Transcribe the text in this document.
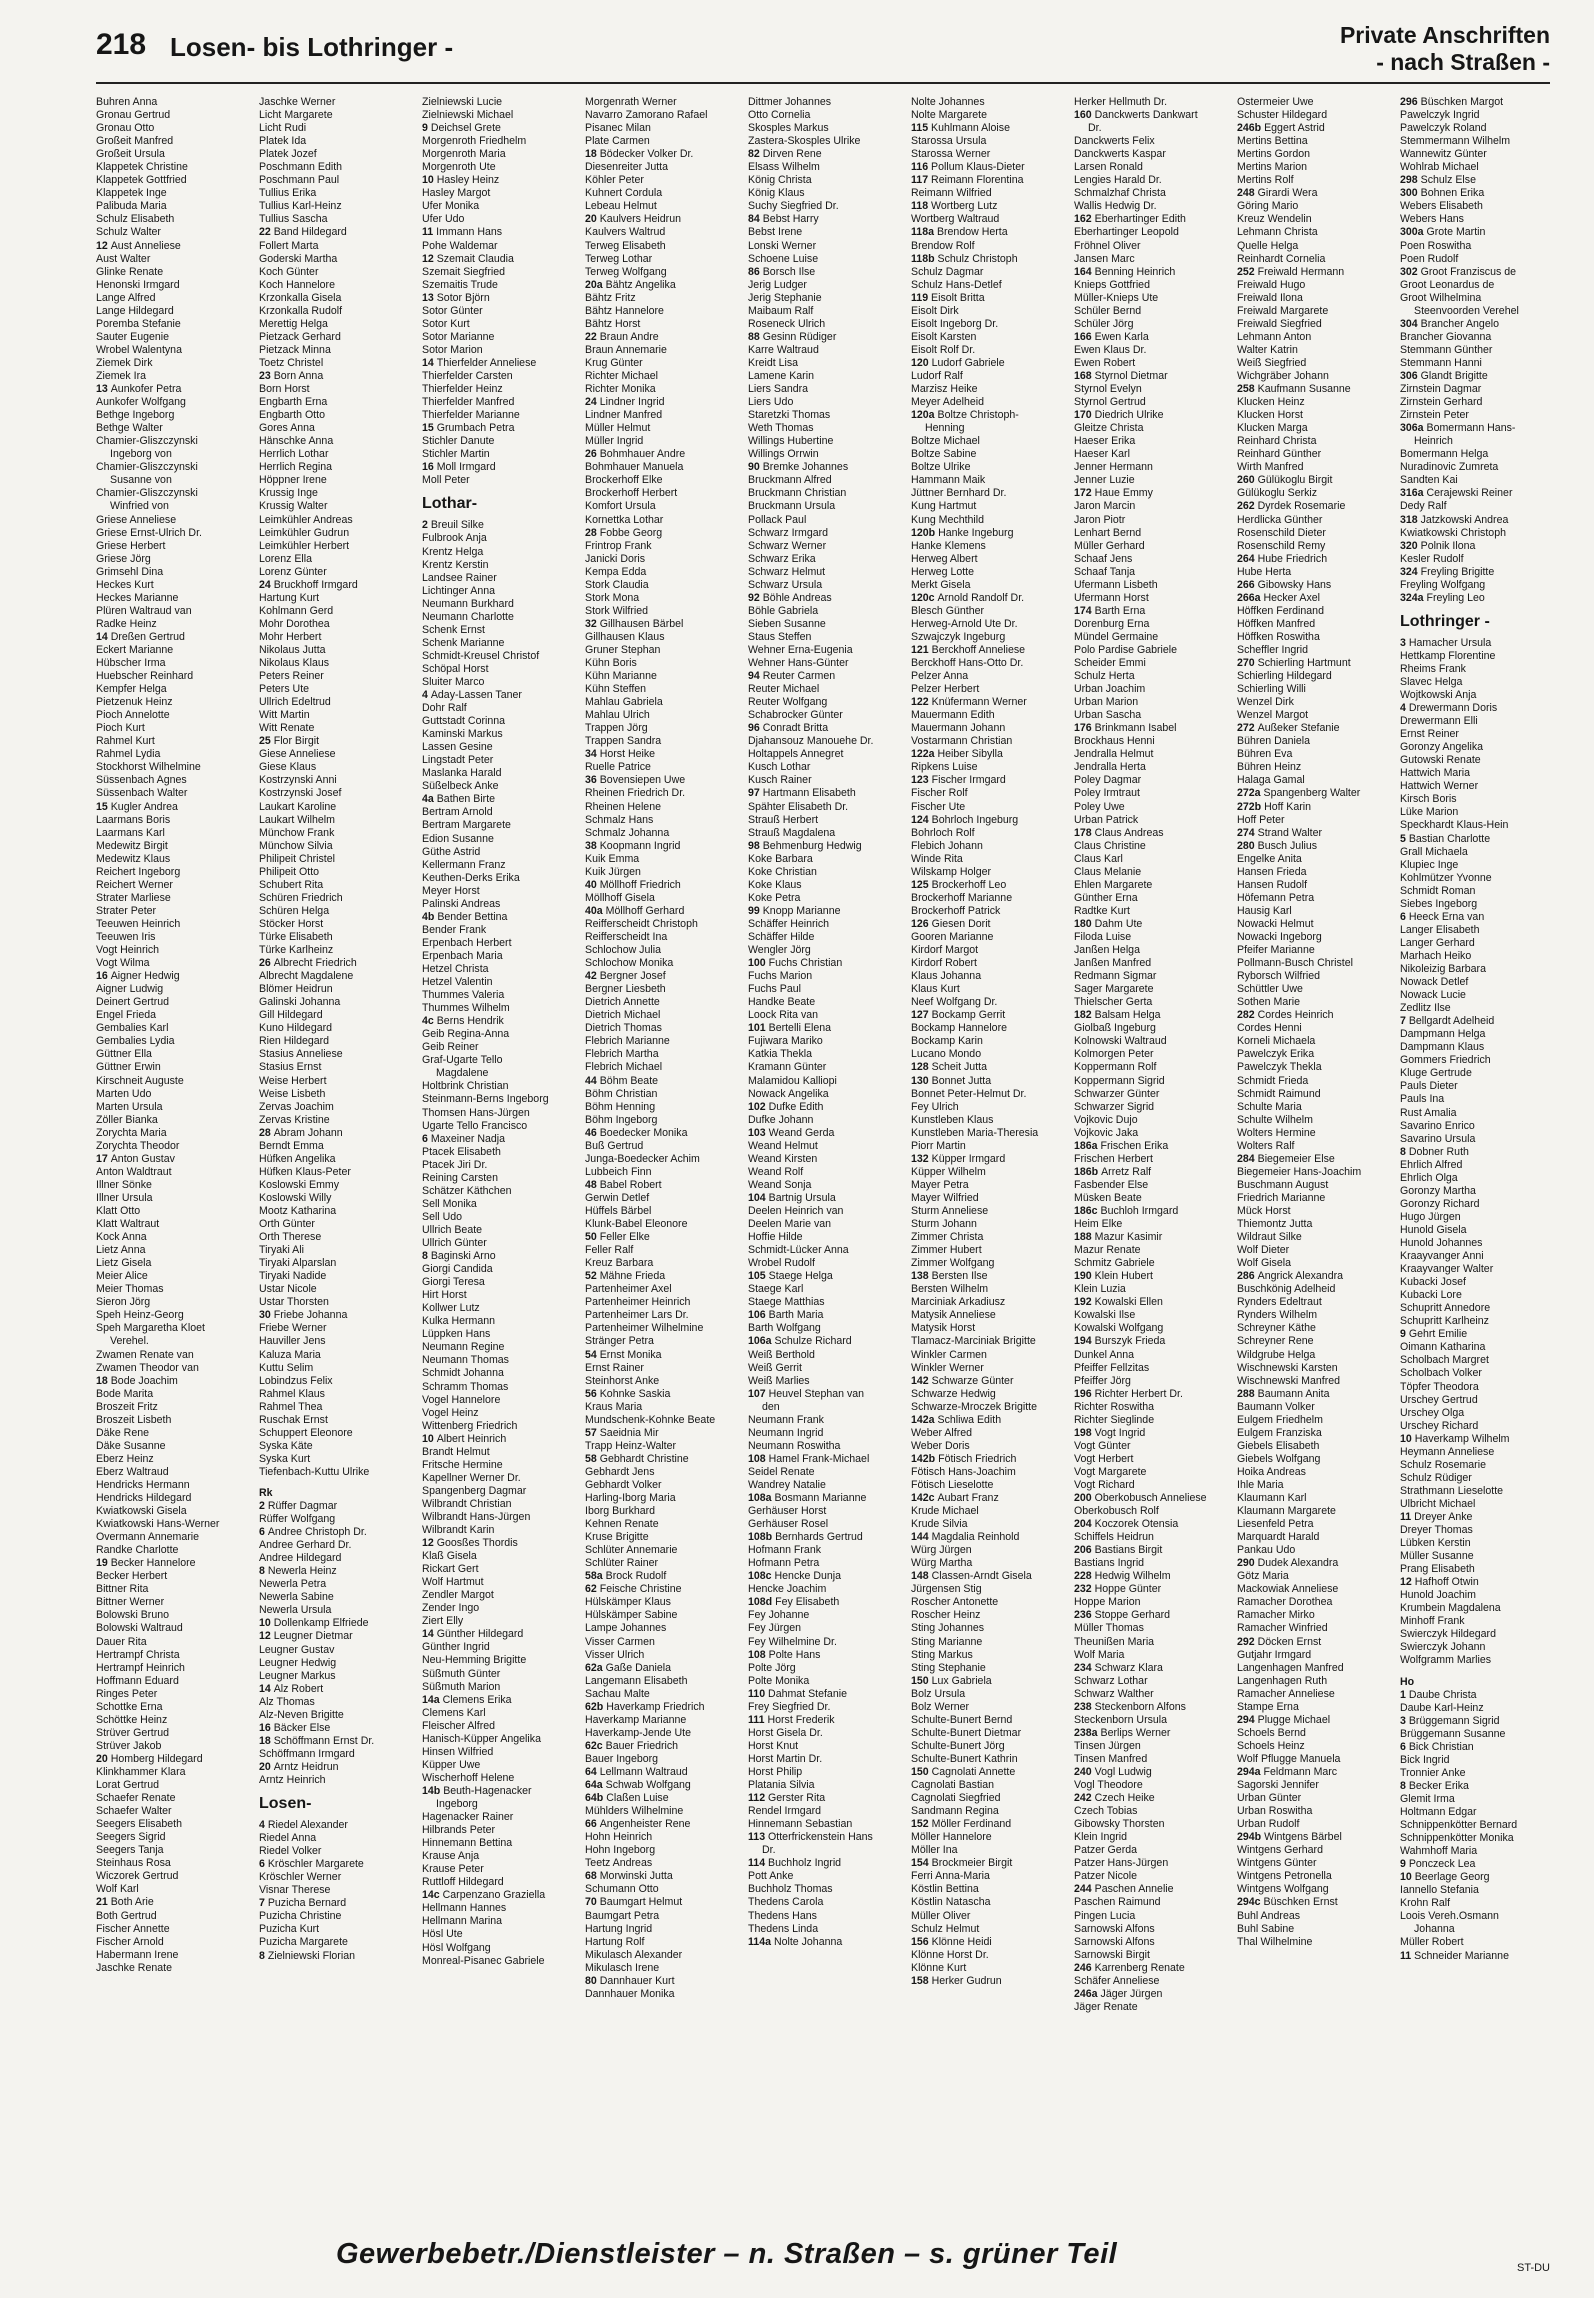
218 Losen- bis Lothringer -	Private Anschriften
- nach Straßen -
Buhren Anna
Gronau Gertrud
Gronau Otto
Großeit Manfred
Großeit Ursula
Klappetek Christine
Klappetek Gottfried
Klappetek Inge
Palibuda Maria
Schulz Elisabeth
Schulz Walter
12 Aust Anneliese
Aust Walter
Glinke Renate
Henonski Irmgard
Lange Alfred
Lange Hildegard
Poremba Stefanie
Sauter Eugenie
Wrobel Walentyna
Ziemek Dirk
Ziemek Ira
13 Aunkofer Petra
Aunkofer Wolfgang
Bethge Ingeborg
Bethge Walter
Chamier-Gliszczynski
Ingeborg von
Chamier-Gliszczynski
Susanne von
Chamier-Gliszczynski
Winfried von
Griese Anneliese
Griese Ernst-Ulrich Dr.
Griese Herbert
Griese Jörg
Grimsehl Dina
Heckes Kurt
Heckes Marianne
Plüren Waltraud van
Radke Heinz
14 Dreßen Gertrud
Eckert Marianne
Hübscher Irma
Huebscher Reinhard
Kempfer Helga
Pietzenuk Heinz
Pioch Annelotte
Pioch Kurt
Rahmel Kurt
Rahmel Lydia
Stockhorst Wilhelmine
Süssenbach Agnes
Süssenbach Walter
15 Kugler Andrea
Laarmans Boris
Laarmans Karl
Medewitz Birgit
Medewitz Klaus
Reichert Ingeborg
Reichert Werner
Strater Marliese
Strater Peter
Teeuwen Heinrich
Teeuwen Iris
Vogt Heinrich
Vogt Wilma
16 Aigner Hedwig
Aigner Ludwig
Deinert Gertrud
Engel Frieda
Gembalies Karl
Gembalies Lydia
Güttner Ella
Güttner Erwin
Kirschneit Auguste
Marten Udo
Marten Ursula
Zöller Bianka
Zorychta Maria
Zorychta Theodor
17 Anton Gustav
Anton Waldtraut
Illner Sönke
Illner Ursula
Klatt Otto
Klatt Waltraut
Kock Anna
Lietz Anna
Lietz Gisela
Meier Alice
Meier Thomas
Sieron Jörg
Speh Heinz-Georg
Speh Margaretha Kloet
Verehel.
Zwamen Renate van
Zwamen Theodor van
18 Bode Joachim
Bode Marita
Broszeit Fritz
Broszeit Lisbeth
Däke Rene
Däke Susanne
Eberz Heinz
Eberz Waltraud
Hendricks Hermann
Hendricks Hildegard
Kwiatkowski Gisela
Kwiatkowski Hans-Werner
Overmann Annemarie
Randke Charlotte
19 Becker Hannelore
Becker Herbert
Bittner Rita
Bittner Werner
Bolowski Bruno
Bolowski Waltraud
Dauer Rita
Hertrampf Christa
Hertrampf Heinrich
Hoffmann Eduard
Ringes Peter
Schottke Erna
Schöttke Heinz
Strüver Gertrud
Strüver Jakob
20 Homberg Hildegard
Klinkhammer Klara
Lorat Gertrud
Schaefer Renate
Schaefer Walter
Seegers Elisabeth
Seegers Sigrid
Seegers Tanja
Steinhaus Rosa
Wiczorek Gertrud
Wolf Karl
21 Both Arie
Both Gertrud
Fischer Annette
Fischer Arnold
Habermann Irene
Jaschke Renate
Jaschke Werner
Licht Margarete
Licht Rudi
Platek Ida
Platek Jozef
Poschmann Edith
Poschmann Paul
Tullius Erika
Tullius Karl-Heinz
Tullius Sascha
22 Band Hildegard
Follert Marta
Goderski Martha
Koch Günter
Koch Hannelore
Krzonkalla Gisela
Krzonkalla Rudolf
Merettig Helga
Pietzack Gerhard
Pietzack Minna
Toetz Christel
23 Born Anna
Born Horst
Engbarth Erna
Engbarth Otto
Gores Anna
Hänschke Anna
Herrlich Lothar
Herrlich Regina
Höppner Irene
Krussig Inge
Krussig Walter
Leimkühler Andreas
Leimkühler Gudrun
Leimkühler Herbert
Lorenz Ella
Lorenz Günter
24 Bruckhoff Irmgard
Hartung Kurt
Kohlmann Gerd
Mohr Dorothea
Mohr Herbert
Nikolaus Jutta
Nikolaus Klaus
Peters Reiner
Peters Ute
Ullrich Edeltrud
Witt Martin
Witt Renate
25 Flor Birgit
Giese Anneliese
Giese Klaus
Kostrzynski Anni
Kostrzynski Josef
Laukart Karoline
Laukart Wilhelm
Münchow Frank
Münchow Silvia
Philipeit Christel
Philipeit Otto
Schubert Rita
Schüren Friedrich
Schüren Helga
Stöcker Horst
Türke Elisabeth
Türke Karlheinz
26 Albrecht Friedrich
Albrecht Magdalene
Blömer Heidrun
Galinski Johanna
Gill Hildegard
Kuno Hildegard
Rien Hildegard
Stasius Anneliese
Stasius Ernst
Weise Herbert
Weise Lisbeth
Zervas Joachim
Zervas Kristine
28 Abram Johann
Berndt Emma
Hüfken Angelika
Hüfken Klaus-Peter
Koslowski Emmy
Koslowski Willy
Mootz Katharina
Orth Günter
Orth Therese
Tiryaki Ali
Tiryaki Alparslan
Tiryaki Nadide
Ustar Nicole
Ustar Thorsten
30 Friebe Johanna
Friebe Werner
Hauviller Jens
Kaluza Maria
Kuttu Selim
Lobindzus Felix
Rahmel Klaus
Rahmel Thea
Ruschak Ernst
Schuppert Eleonore
Syska Käte
Syska Kurt
Tiefenbach-Kuttu Ulrike
Rk
2 Rüffer Dagmar
Rüffer Wolfgang
6 Andree Christoph Dr.
Andree Gerhard Dr.
Andree Hildegard
8 Newerla Heinz
Newerla Petra
Newerla Sabine
Newerla Ursula
10 Dollenkamp Elfriede
12 Leugner Dietmar
Leugner Gustav
Leugner Hedwig
Leugner Markus
14 Alz Robert
Alz Thomas
Alz-Neven Brigitte
16 Bäcker Else
18 Schöffmann Ernst Dr.
Schöffmann Irmgard
20 Arntz Heidrun
Arntz Heinrich
Losen-
4 Riedel Alexander
Riedel Anna
Riedel Volker
6 Kröschler Margarete
Kröschler Werner
Visnar Therese
7 Puzicha Bernard
Puzicha Christine
Puzicha Kurt
Puzicha Margarete
8 Zielniewski Florian
Zielniewski Lucie
Zielniewski Michael
9 Deichsel Grete
Morgenroth Friedhelm
Morgenroth Maria
Morgenroth Ute
10 Hasley Heinz
Hasley Margot
Ufer Monika
Ufer Udo
11 Immann Hans
Pohe Waldemar
12 Szemait Claudia
Szemait Siegfried
Szemaitis Trude
13 Sotor Björn
Sotor Günter
Sotor Kurt
Sotor Marianne
Sotor Marion
14 Thierfelder Anneliese
Thierfelder Carsten
Thierfelder Heinz
Thierfelder Manfred
Thierfelder Marianne
15 Grumbach Petra
Stichler Danute
Stichler Martin
16 Moll Irmgard
Moll Peter
Lothar-
2 Breuil Silke
Fulbrook Anja
Krentz Helga
Krentz Kerstin
Landsee Rainer
Lichtinger Anna
Neumann Burkhard
Neumann Charlotte
Schenk Ernst
Schenk Marianne
Schmidt-Kreusel Christof
Schöpal Horst
Sluiter Marco
4 Aday-Lassen Taner
Dohr Ralf
Guttstadt Corinna
Kaminski Markus
Lassen Gesine
Lingstadt Peter
Maslanka Harald
Süßelbeck Anke
4a Bathen Birte
Bertram Arnold
Bertram Margarete
Edion Susanne
Güthe Astrid
Kellermann Franz
Keuthen-Derks Erika
Meyer Horst
Palinski Andreas
4b Bender Bettina
Bender Frank
Erpenbach Herbert
Erpenbach Maria
Hetzel Christa
Hetzel Valentin
Thummes Valeria
Thummes Wilhelm
4c Berns Hendrik
Geib Regina-Anna
Geib Reiner
Graf-Ugarte Tello
Magdalene
Holtbrink Christian
Steinmann-Berns Ingeborg
Thomsen Hans-Jürgen
Ugarte Tello Francisco
6 Maxeiner Nadja
Ptacek Elisabeth
Ptacek Jiri Dr.
Reining Carsten
Schätzer Käthchen
Sell Monika
Sell Udo
Ullrich Beate
Ullrich Günter
8 Baginski Arno
Giorgi Candida
Giorgi Teresa
Hirt Horst
Kollwer Lutz
Kulka Hermann
Lüppken Hans
Neumann Regine
Neumann Thomas
Schmidt Johanna
Schramm Thomas
Vogel Hannelore
Vogel Heinz
Wittenberg Friedrich
10 Albert Heinrich
Brandt Helmut
Fritsche Hermine
Kapellner Werner Dr.
Spangenberg Dagmar
Wilbrandt Christian
Wilbrandt Hans-Jürgen
Wilbrandt Karin
12 Goosßes Thordis
Klaß Gisela
Rickart Gert
Wolf Hartmut
Zendler Margot
Zender Ingo
Ziert Elly
14 Günther Hildegard
Günther Ingrid
Neu-Hemming Brigitte
Süßmuth Günter
Süßmuth Marion
14a Clemens Erika
Clemens Karl
Fleischer Alfred
Hanisch-Küpper Angelika
Hinsen Wilfried
Küpper Uwe
Wischerhoff Helene
14b Beuth-Hagenacker
Ingeborg
Hagenacker Rainer
Hilbrands Peter
Hinnemann Bettina
Krause Anja
Krause Peter
Ruttloff Hildegard
14c Carpenzano Graziella
Hellmann Hannes
Hellmann Marina
Hösl Ute
Hösl Wolfgang
Monreal-Pisanec Gabriele
Morgenrath Werner
Navarro Zamorano Rafael
Pisanec Milan
Plate Carmen
18 Bödecker Volker Dr.
Diesenreiter Jutta
Köhler Peter
Kuhnert Cordula
Lebeau Helmut
20 Kaulvers Heidrun
Kaulvers Waltrud
Terweg Elisabeth
Terweg Lothar
Terweg Wolfgang
20a Bähtz Angelika
Bähtz Fritz
Bähtz Hannelore
Bähtz Horst
22 Braun Andre
Braun Annemarie
Krug Günter
Richter Michael
Richter Monika
24 Lindner Ingrid
Lindner Manfred
Müller Helmut
Müller Ingrid
26 Bohmhauer Andre
Bohmhauer Manuela
Brockerhoff Elke
Brockerhoff Herbert
Komfort Ursula
Kornettka Lothar
28 Fobbe Georg
Frintrop Frank
Janicki Doris
Kempa Edda
Stork Claudia
Stork Mona
Stork Wilfried
32 Gillhausen Bärbel
Gillhausen Klaus
Gruner Stephan
Kühn Boris
Kühn Marianne
Kühn Steffen
Mahlau Gabriela
Mahlau Ulrich
Trappen Jörg
Trappen Sandra
34 Horst Heike
Ruelle Patrice
36 Bovensiepen Uwe
Rheinen Friedrich Dr.
Rheinen Helene
Schmalz Hans
Schmalz Johanna
38 Koopmann Ingrid
Kuik Emma
Kuik Jürgen
40 Möllhoff Friedrich
Möllhoff Gisela
40a Möllhoff Gerhard
Reifferscheidt Christoph
Reifferscheidt Ina
Schlochow Julia
Schlochow Monika
42 Bergner Josef
Bergner Liesbeth
Dietrich Annette
Dietrich Michael
Dietrich Thomas
Flebrich Marianne
Flebrich Martha
Flebrich Michael
44 Böhm Beate
Böhm Christian
Böhm Henning
Böhm Ingeborg
46 Boedecker Monika
Buß Gertrud
Junga-Boedecker Achim
Lubbeich Finn
48 Babel Robert
Gerwin Detlef
Hüffels Bärbel
Klunk-Babel Eleonore
50 Feller Elke
Feller Ralf
Kreuz Barbara
52 Mähne Frieda
Partenheimer Axel
Partenheimer Heinrich
Partenheimer Lars Dr.
Partenheimer Wilhelmine
Stränger Petra
54 Ernst Monika
Ernst Rainer
Steinhorst Anke
56 Kohnke Saskia
Kraus Maria
Mundschenk-Kohnke Beate
57 Saeidnia Mir
Trapp Heinz-Walter
58 Gebhardt Christine
Gebhardt Jens
Gebhardt Volker
Harling-Iborg Maria
Iborg Burkhard
Kehnen Renate
Kruse Brigitte
Schlüter Annemarie
Schlüter Rainer
58a Brock Rudolf
62 Feische Christine
Hülskämper Klaus
Hülskämper Sabine
Lampe Johannes
Visser Carmen
Visser Ulrich
62a Gaße Daniela
Langemann Elisabeth
Sachau Malte
62b Haverkamp Friedrich
Haverkamp Marianne
Haverkamp-Jende Ute
62c Bauer Friedrich
Bauer Ingeborg
64 Lellmann Waltraud
64a Schwab Wolfgang
64b Claßen Luise
Mühlders Wilhelmine
66 Angenheister Rene
Hohn Heinrich
Hohn Ingeborg
Teetz Andreas
68 Morwinski Jutta
Schumann Otto
70 Baumgart Helmut
Baumgart Petra
Hartung Ingrid
Hartung Rolf
Mikulasch Alexander
Mikulasch Irene
80 Dannhauer Kurt
Dannhauer Monika
Dittmer Johannes
Otto Cornelia
Skosples Markus
Zastera-Skosples Ulrike
82 Dirven Rene
Elsass Wilhelm
König Christa
König Klaus
Suchy Siegfried Dr.
84 Bebst Harry
Bebst Irene
Lonski Werner
Schoene Luise
86 Borsch Ilse
Jerig Ludger
Jerig Stephanie
Maibaum Ralf
Roseneck Ulrich
88 Gesinn Rüdiger
Karre Waltraud
Kreidt Lisa
Lamene Karin
Liers Sandra
Liers Udo
Staretzki Thomas
Weth Thomas
Willings Hubertine
Willings Orrwin
90 Bremke Johannes
Bruckmann Alfred
Bruckmann Christian
Bruckmann Ursula
Pollack Paul
Schwarz Irmgard
Schwarz Werner
Schwarz Erika
Schwarz Helmut
Schwarz Ursula
92 Böhle Andreas
Böhle Gabriela
Sieben Susanne
Staus Steffen
Wehner Erna-Eugenia
Wehner Hans-Günter
94 Reuter Carmen
Reuter Michael
Reuter Wolfgang
Schabrocker Günter
96 Conradt Britta
Djahansouz Manouehe Dr.
Holtappels Annegret
Kusch Lothar
Kusch Rainer
97 Hartmann Elisabeth
Spähter Elisabeth Dr.
Strauß Herbert
Strauß Magdalena
98 Behmenburg Hedwig
Koke Barbara
Koke Christian
Koke Klaus
Koke Petra
99 Knopp Marianne
Schäffer Heinrich
Schäffer Hilde
Wengler Jörg
100 Fuchs Christian
Fuchs Marion
Fuchs Paul
Handke Beate
Loock Rita van
101 Bertelli Elena
Fujiwara Mariko
Katkia Thekla
Kramann Günter
Malamidou Kalliopi
Nowack Angelika
102 Dufke Edith
Dufke Johann
103 Weand Gerda
Weand Helmut
Weand Kirsten
Weand Rolf
Weand Sonja
104 Bartnig Ursula
Deelen Heinrich van
Deelen Marie van
Hoffie Hilde
Schmidt-Lücker Anna
Wrobel Rudolf
105 Staege Helga
Staege Karl
Staege Matthias
106 Barth Maria
Barth Wolfgang
106a Schulze Richard
Weiß Berthold
Weiß Gerrit
Weiß Marlies
107 Heuvel Stephan van
den
Neumann Frank
Neumann Ingrid
Neumann Roswitha
108 Hamel Frank-Michael
Seidel Renate
Wandrey Natalie
108a Bosmann Marianne
Gerhäuser Horst
Gerhäuser Rosel
108b Bernhards Gertrud
Hofmann Frank
Hofmann Petra
108c Hencke Dunja
Hencke Joachim
108d Fey Elisabeth
Fey Johanne
Fey Jürgen
Fey Wilhelmine Dr.
108 Polte Hans
Polte Jörg
Polte Monika
110 Dahmat Stefanie
Frey Siegfried Dr.
111 Horst Frederik
Horst Gisela Dr.
Horst Knut
Horst Martin Dr.
Horst Philip
Platania Silvia
112 Gerster Rita
Rendel Irmgard
Hinnemann Sebastian
113 Otterfrickenstein Hans
Dr.
114 Buchholz Ingrid
Pott Anke
Buchholz Thomas
Thedens Carola
Thedens Hans
Thedens Linda
114a Nolte Johanna
Nolte Johannes
Nolte Margarete
115 Kuhlmann Aloise
Starossa Ursula
Starossa Werner
116 Pollum Klaus-Dieter
117 Reimann Florentina
Reimann Wilfried
118 Wortberg Lutz
Wortberg Waltraud
118a Brendow Herta
Brendow Rolf
118b Schulz Christoph
Schulz Dagmar
Schulz Hans-Detlef
119 Eisolt Britta
Eisolt Dirk
Eisolt Ingeborg Dr.
Eisolt Karsten
Eisolt Rolf Dr.
120 Ludorf Gabriele
Ludorf Ralf
Marzisz Heike
Meyer Adelheid
120a Boltze Christoph-
Henning
Boltze Michael
Boltze Sabine
Boltze Ulrike
Hammann Maik
Jüttner Bernhard Dr.
Kung Hartmut
Kung Mechthild
120b Hanke Ingeburg
Hanke Klemens
Herweg Albert
Herweg Lotte
Merkt Gisela
120c Arnold Randolf Dr.
Blesch Günther
Herweg-Arnold Ute Dr.
Szwajczyk Ingeburg
121 Berckhoff Anneliese
Berckhoff Hans-Otto Dr.
Pelzer Anna
Pelzer Herbert
122 Knüfermann Werner
Mauermann Edith
Mauermann Johann
Vostarmann Christian
122a Heiber Sibylla
Ripkens Luise
123 Fischer Irmgard
Fischer Rolf
Fischer Ute
124 Bohrloch Ingeburg
Bohrloch Rolf
Flebich Johann
Winde Rita
Wilskamp Holger
125 Brockerhoff Leo
Brockerhoff Marianne
Brockerhoff Patrick
126 Giesen Dorit
Gooren Marianne
Kirdorf Margot
Kirdorf Robert
Klaus Johanna
Klaus Kurt
Neef Wolfgang Dr.
127 Bockamp Gerrit
Bockamp Hannelore
Bockamp Karin
Lucano Mondo
128 Scheit Jutta
130 Bonnet Jutta
Bonnet Peter-Helmut Dr.
Fey Ulrich
Kunstleben Klaus
Kunstleben Maria-Theresia
Piorr Martin
132 Küpper Irmgard
Küpper Wilhelm
Mayer Petra
Mayer Wilfried
Sturm Anneliese
Sturm Johann
Zimmer Christa
Zimmer Hubert
Zimmer Wolfgang
138 Bersten Ilse
Bersten Wilhelm
Marciniak Arkadiusz
Matysik Anneliese
Matysik Horst
Tlamacz-Marciniak Brigitte
Winkler Carmen
Winkler Werner
142 Schwarze Günter
Schwarze Hedwig
Schwarze-Mroczek Brigitte
142a Schliwa Edith
Weber Alfred
Weber Doris
142b Fötisch Friedrich
Fötisch Hans-Joachim
Fötisch Lieselotte
142c Aubart Franz
Krude Michael
Krude Silvia
144 Magdalia Reinhold
Würg Jürgen
Würg Martha
148 Classen-Arndt Gisela
Jürgensen Stig
Roscher Antonette
Roscher Heinz
Sting Johannes
Sting Marianne
Sting Markus
Sting Stephanie
150 Lux Gabriela
Bolz Ursula
Bolz Werner
Schulte-Bunert Bernd
Schulte-Bunert Dietmar
Schulte-Bunert Jörg
Schulte-Bunert Kathrin
150 Cagnolati Annette
Cagnolati Bastian
Cagnolati Siegfried
Sandmann Regina
152 Möller Ferdinand
Möller Hannelore
Möller Ina
154 Brockmeier Birgit
Ferri Anna-Maria
Köstlin Bettina
Köstlin Natascha
Müller Oliver
Schulz Helmut
156 Klönne Heidi
Klönne Horst Dr.
Klönne Kurt
158 Herker Gudrun
Herker Hellmuth Dr.
160 Danckwerts Dankwart
Dr.
Danckwerts Felix
Danckwerts Kaspar
Larsen Ronald
Lengies Harald Dr.
Schmalzhaf Christa
Wallis Hedwig Dr.
162 Eberhartinger Edith
Eberhartinger Leopold
Fröhnel Oliver
Jansen Marc
164 Benning Heinrich
Knieps Gottfried
Müller-Knieps Ute
Schüler Bernd
Schüler Jörg
166 Ewen Karla
Ewen Klaus Dr.
Ewen Robert
168 Styrnol Dietmar
Styrnol Evelyn
Styrnol Gertrud
170 Diedrich Ulrike
Gleitze Christa
Haeser Erika
Haeser Karl
Jenner Hermann
Jenner Luzie
172 Haue Emmy
Jaron Marcin
Jaron Piotr
Lenhart Bernd
Müller Gerhard
Schaaf Jens
Schaaf Tanja
Ufermann Lisbeth
Ufermann Horst
174 Barth Erna
Dorenburg Erna
Mündel Germaine
Polo Pardise Gabriele
Scheider Emmi
Schulz Herta
Urban Joachim
Urban Marion
Urban Sascha
176 Brinkmann Isabel
Brockhaus Henni
Jendralla Helmut
Jendralla Herta
Poley Dagmar
Poley Irmtraut
Poley Uwe
Urban Patrick
178 Claus Andreas
Claus Christine
Claus Karl
Claus Melanie
Ehlen Margarete
Günther Erna
Radtke Kurt
180 Dahm Ute
Filoda Luise
Janßen Helga
Janßen Manfred
Redmann Sigmar
Sager Margarete
Thielscher Gerta
182 Balsam Helga
Giolbaß Ingeburg
Kolnowski Waltraud
Kolmorgen Peter
Koppermann Rolf
Koppermann Sigrid
Schwarzer Günter
Schwarzer Sigrid
Vojkovic Dujo
Vojkovic Jaka
186a Frischen Erika
Frischen Herbert
186b Arretz Ralf
Fasbender Else
Müsken Beate
186c Buchloh Irmgard
Heim Elke
188 Mazur Kasimir
Mazur Renate
Schmitz Gabriele
190 Klein Hubert
Klein Luzia
192 Kowalski Ellen
Kowalski Ilse
Kowalski Wolfgang
194 Burszyk Frieda
Dunkel Anna
Pfeiffer Fellzitas
Pfeiffer Jörg
196 Richter Herbert Dr.
Richter Roswitha
Richter Sieglinde
198 Vogt Ingrid
Vogt Günter
Vogt Herbert
Vogt Margarete
Vogt Richard
200 Oberkobusch Anneliese
Oberkobusch Rolf
204 Koczorek Otensia
Schiffels Heidrun
206 Bastians Birgit
Bastians Ingrid
228 Hedwig Wilhelm
232 Hoppe Günter
Hoppe Marion
236 Stoppe Gerhard
Müller Thomas
Theunißen Maria
Wolf Maria
234 Schwarz Klara
Schwarz Lothar
Schwarz Walther
238 Steckenborn Alfons
Steckenborn Ursula
238a Berlips Werner
Tinsen Jürgen
Tinsen Manfred
240 Vogl Ludwig
Vogl Theodore
242 Czech Heike
Czech Tobias
Gibowsky Thorsten
Klein Ingrid
Patzer Gerda
Patzer Hans-Jürgen
Patzer Nicole
244 Paschen Annelie
Paschen Raimund
Pingen Lucia
Sarnowski Alfons
Sarnowski Alfons
Sarnowski Birgit
246 Karrenberg Renate
Schäfer Anneliese
246a Jäger Jürgen
Jäger Renate
Ostermeier Uwe
Schuster Hildegard
246b Eggert Astrid
Mertins Bettina
Mertins Gordon
Mertins Marion
Mertins Rolf
248 Girardi Wera
Göring Mario
Kreuz Wendelin
Lehmann Christa
Quelle Helga
Reinhardt Cornelia
252 Freiwald Hermann
Freiwald Hugo
Freiwald Ilona
Freiwald Margarete
Freiwald Siegfried
Lehmann Anton
Walter Katrin
Weiß Siegfried
Wichgräber Johann
258 Kaufmann Susanne
Klucken Heinz
Klucken Horst
Klucken Marga
Reinhard Christa
Reinhard Günther
Wirth Manfred
260 Gülükoglu Birgit
Gülükoglu Serkiz
262 Dyrdek Rosemarie
Herdlicka Günther
Rosenschild Dieter
Rosenschild Remy
264 Hube Friedrich
Hube Herta
266 Gibowsky Hans
266a Hecker Axel
Höffken Ferdinand
Höffken Manfred
Höffken Roswitha
Scheffler Ingrid
270 Schierling Hartmunt
Schierling Hildegard
Schierling Willi
Wenzel Dirk
Wenzel Margot
272 Außeker Stefanie
Bühren Daniela
Bühren Eva
Bühren Heinz
Halaga Gamal
272a Spangenberg Walter
272b Hoff Karin
Hoff Peter
274 Strand Walter
280 Busch Julius
Engelke Anita
Hansen Frieda
Hansen Rudolf
Höfemann Petra
Hausig Karl
Nowacki Helmut
Nowacki Ingeborg
Pfeifer Marianne
Pollmann-Busch Christel
Ryborsch Wilfried
Schüttler Uwe
Sothen Marie
282 Cordes Heinrich
Cordes Henni
Korneli Michaela
Pawelczyk Erika
Pawelczyk Thekla
Schmidt Frieda
Schmidt Raimund
Schulte Maria
Schulte Wilhelm
Wolters Hermine
Wolters Ralf
284 Biegemeier Else
Biegemeier Hans-Joachim
Buschmann August
Friedrich Marianne
Mück Horst
Thiemontz Jutta
Wildraut Silke
Wolf Dieter
Wolf Gisela
286 Angrick Alexandra
Buschkönig Adelheid
Rynders Edeltraut
Rynders Wilhelm
Schreyner Käthe
Schreyner Rene
Wildgrube Helga
Wischnewski Karsten
Wischnewski Manfred
288 Baumann Anita
Baumann Volker
Eulgem Friedhelm
Eulgem Franziska
Giebels Elisabeth
Giebels Wolfgang
Hoika Andreas
Ihle Maria
Klaumann Karl
Klaumann Margarete
Liesenfeld Petra
Marquardt Harald
Pankau Udo
290 Dudek Alexandra
Götz Maria
Mackowiak Anneliese
Ramacher Dorothea
Ramacher Mirko
Ramacher Winfried
292 Döcken Ernst
Gutjahr Irmgard
Langenhagen Manfred
Langenhagen Ruth
Ramacher Anneliese
Stampe Erna
294 Plugge Michael
Schoels Bernd
Schoels Heinz
Wolf Pflugge Manuela
294a Feldmann Marc
Sagorski Jennifer
Urban Günter
Urban Roswitha
Urban Rudolf
294b Wintgens Bärbel
Wintgens Gerhard
Wintgens Günter
Wintgens Petronella
Wintgens Wolfgang
294c Büschken Ernst
Buhl Andreas
Buhl Sabine
Thal Wilhelmine
296 Büschken Margot
Pawelczyk Ingrid
Pawelczyk Roland
Stemmermann Wilhelm
Wannewitz Günter
Wohlrab Michael
298 Schulz Else
300 Bohnen Erika
Webers Elisabeth
Webers Hans
300a Grote Martin
Poen Roswitha
Poen Rudolf
302 Groot Franziscus de
Groot Leonardus de
Groot Wilhelmina
Steenvoorden Verehel
304 Brancher Angelo
Brancher Giovanna
Stemmann Günther
Stemmann Hanni
306 Glandt Brigitte
Zirnstein Dagmar
Zirnstein Gerhard
Zirnstein Peter
306a Bomermann Hans-
Heinrich
Bomermann Helga
Nuradinovic Zumreta
Sandten Kai
316a Cerajewski Reiner
Dedy Ralf
318 Jatzkowski Andrea
Kwiatkowski Christoph
320 Polnik Ilona
Kesler Rudolf
324 Freyling Brigitte
Freyling Wolfgang
324a Freyling Leo
Lothringer -
3 Hamacher Ursula
Hettkamp Florentine
Rheims Frank
Slavec Helga
Wojtkowski Anja
4 Drewermann Doris
Drewermann Elli
Ernst Reiner
Goronzy Angelika
Gutowski Renate
Hattwich Maria
Hattwich Werner
Kirsch Boris
Lüke Marion
Speckhardt Klaus-Hein
5 Bastian Charlotte
Grall Michaela
Klupiec Inge
Kohlmützer Yvonne
Schmidt Roman
Siebes Ingeborg
6 Heeck Erna van
Langer Elisabeth
Langer Gerhard
Marhach Heiko
Nikoleizig Barbara
Nowack Detlef
Nowack Lucie
Zedlitz Ilse
7 Bellgardt Adelheid
Dampmann Helga
Dampmann Klaus
Gommers Friedrich
Kluge Gertrude
Pauls Dieter
Pauls Ina
Rust Amalia
Savarino Enrico
Savarino Ursula
8 Dobner Ruth
Ehrlich Alfred
Ehrlich Olga
Goronzy Martha
Goronzy Richard
Hugo Jürgen
Hunold Gisela
Hunold Johannes
Kraayvanger Anni
Kraayvanger Walter
Kubacki Josef
Kubacki Lore
Schupritt Annedore
Schupritt Karlheinz
9 Gehrt Emilie
Oimann Katharina
Scholbach Margret
Scholbach Volker
Töpfer Theodora
Urschey Gertrud
Urschey Olga
Urschey Richard
10 Haverkamp Wilhelm
Heymann Anneliese
Schulz Rosemarie
Schulz Rüdiger
Strathmann Lieselotte
Ulbricht Michael
11 Dreyer Anke
Dreyer Thomas
Lübken Kerstin
Müller Susanne
Prang Elisabeth
12 Hafhoff Otwin
Hunold Joachim
Krumbein Magdalena
Minhoff Frank
Swierczyk Hildegard
Swierczyk Johann
Wolfgramm Marlies
Ho
1 Daube Christa
Daube Karl-Heinz
3 Brüggemann Sigrid
Brüggemann Susanne
6 Bick Christian
Bick Ingrid
Tronnier Anke
8 Becker Erika
Glemit Irma
Holtmann Edgar
Schnippenkötter Bernard
Schnippenkötter Monika
Wahmhoff Maria
9 Ponczeck Lea
10 Beerlage Georg
Iannello Stefania
Krohn Ralf
Loois Vereh.Osmann
Johanna
Müller Robert
11 Schneider Marianne
Gewerbebetr./Dienstleister – n. Straßen – s. grüner Teil	ST-DU
